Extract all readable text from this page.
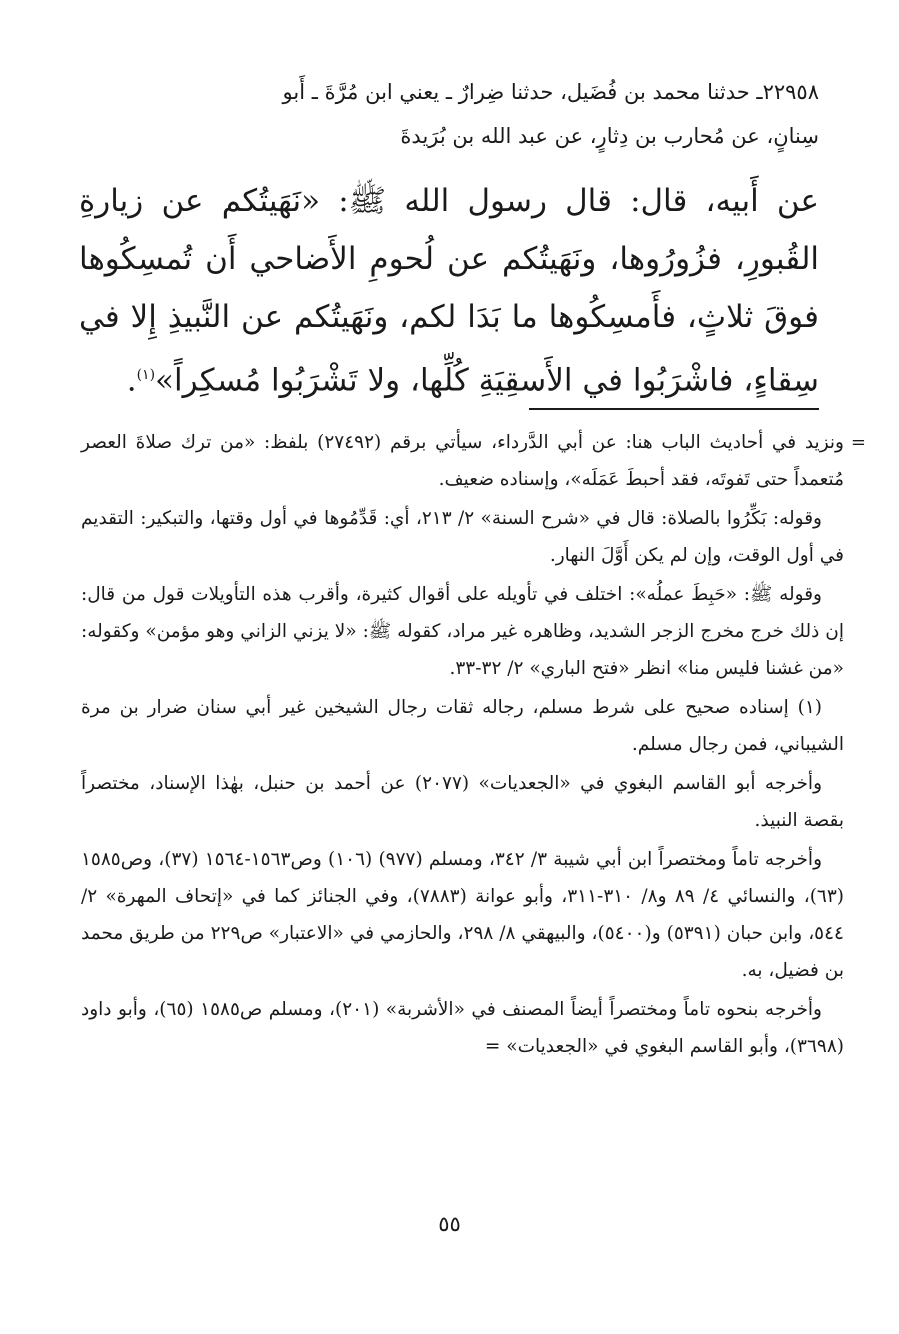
٢٢٩٥٨ـ حدثنا محمد بن فُضَيل، حدثنا ضِرارٌ ـ يعني ابن مُرَّةَ ـ أَبو

سِنانٍ، عن مُحارب بن دِثارٍ، عن عبد الله بن بُرَيدةَ

عن أَبيه، قال: قال رسول الله ﷺ: «نَهَيتُكم عن زيارةِ القُبورِ، فزُورُوها، ونَهَيتُكم عن لُحومِ الأَضاحي أَن تُمسِكُوها فوقَ ثلاثٍ، فأَمسِكُوها ما بَدَا لكم، ونَهَيتُكم عن النَّبيذِ إِلا في سِقاءٍ، فاشْرَبُوا في الأَسقِيَةِ كُلِّها، ولا تَشْرَبُوا مُسكِراً»$^{(١)}$.

=
ونزيد في أحاديث الباب هنا: عن أبي الدَّرداء، سيأتي برقم (٢٧٤٩٢) بلفظ: «من ترك صلاةَ العصر مُتعمداً حتى تَفوتَه، فقد أحبطَ عَمَلَه»، وإسناده ضعيف.

وقوله: بَكِّرُوا بالصلاة: قال في «شرح السنة» ٢/ ٢١٣، أي: قَدِّمُوها في أول وقتها، والتبكير: التقديم في أول الوقت، وإن لم يكن أَوَّلَ النهار.

وقوله ﷺ: «حَبِطَ عملُه»: اختلف في تأويله على أقوال كثيرة، وأقرب هذه التأويلات قول من قال: إن ذلك خرج مخرج الزجر الشديد، وظاهره غير مراد، كقوله ﷺ: «لا يزني الزاني وهو مؤمن» وكقوله: «من غشنا فليس منا» انظر «فتح الباري» ٢/ ٣٢-٣٣.

(١) إسناده صحيح على شرط مسلم، رجاله ثقات رجال الشيخين غير أبي سنان ضرار بن مرة الشيباني، فمن رجال مسلم.

وأخرجه أبو القاسم البغوي في «الجعديات» (٢٠٧٧) عن أحمد بن حنبل، بهٰذا الإسناد، مختصراً بقصة النبيذ.

وأخرجه تاماً ومختصراً ابن أبي شيبة ٣/ ٣٤٢، ومسلم (٩٧٧) (١٠٦) وص١٥٦٣-١٥٦٤ (٣٧)، وص١٥٨٥ (٦٣)، والنسائي ٤/ ٨٩ و٨/ ٣١٠-٣١١، وأبو عوانة (٧٨٨٣)، وفي الجنائز كما في «إتحاف المهرة» ٢/ ٥٤٤، وابن حبان (٥٣٩١) و(٥٤٠٠)، والبيهقي ٨/ ٢٩٨، والحازمي في «الاعتبار» ص٢٢٩ من طريق محمد بن فضيل، به.

وأخرجه بنحوه تاماً ومختصراً أيضاً المصنف في «الأشربة» (٢٠١)، ومسلم ص١٥٨٥ (٦٥)، وأبو داود (٣٦٩٨)، وأبو القاسم البغوي في «الجعديات» =

٥٥
